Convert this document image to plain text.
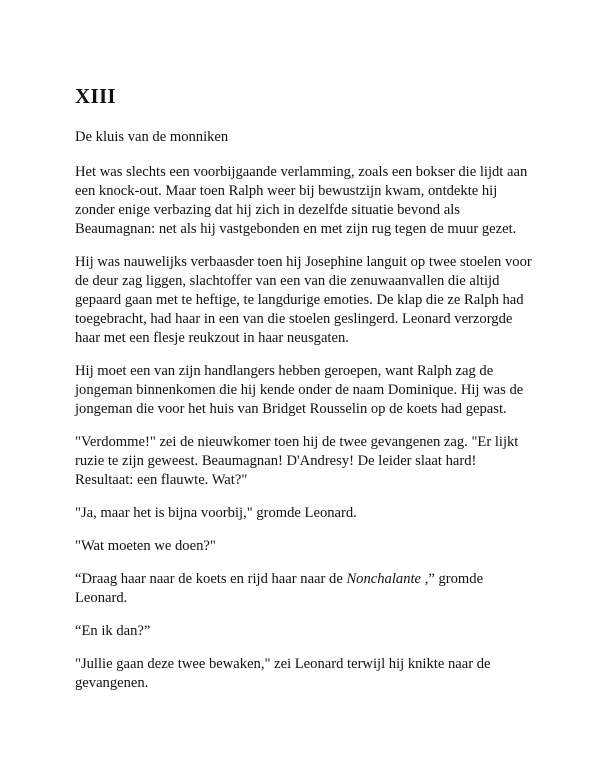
XIII

De kluis van de monniken

Het was slechts een voorbijgaande verlamming, zoals een bokser die lijdt aan een knock-out. Maar toen Ralph weer bij bewustzijn kwam, ontdekte hij zonder enige verbazing dat hij zich in dezelfde situatie bevond als Beaumagnan: net als hij vastgebonden en met zijn rug tegen de muur gezet.

Hij was nauwelijks verbaasder toen hij Josephine languit op twee stoelen voor de deur zag liggen, slachtoffer van een van die zenuwaanvallen die altijd gepaard gaan met te heftige, te langdurige emoties. De klap die ze Ralph had toegebracht, had haar in een van die stoelen geslingerd. Leonard verzorgde haar met een flesje reukzout in haar neusgaten.

Hij moet een van zijn handlangers hebben geroepen, want Ralph zag de jongeman binnenkomen die hij kende onder de naam Dominique. Hij was de jongeman die voor het huis van Bridget Rousselin op de koets had gepast.

"Verdomme!" zei de nieuwkomer toen hij de twee gevangenen zag. "Er lijkt ruzie te zijn geweest. Beaumagnan! D'Andresy! De leider slaat hard! Resultaat: een flauwte. Wat?"

"Ja, maar het is bijna voorbij," gromde Leonard.

"Wat moeten we doen?"

“Draag haar naar de koets en rijd haar naar de Nonchalante ,” gromde Leonard.

“En ik dan?”

"Jullie gaan deze twee bewaken," zei Leonard terwijl hij knikte naar de gevangenen.
